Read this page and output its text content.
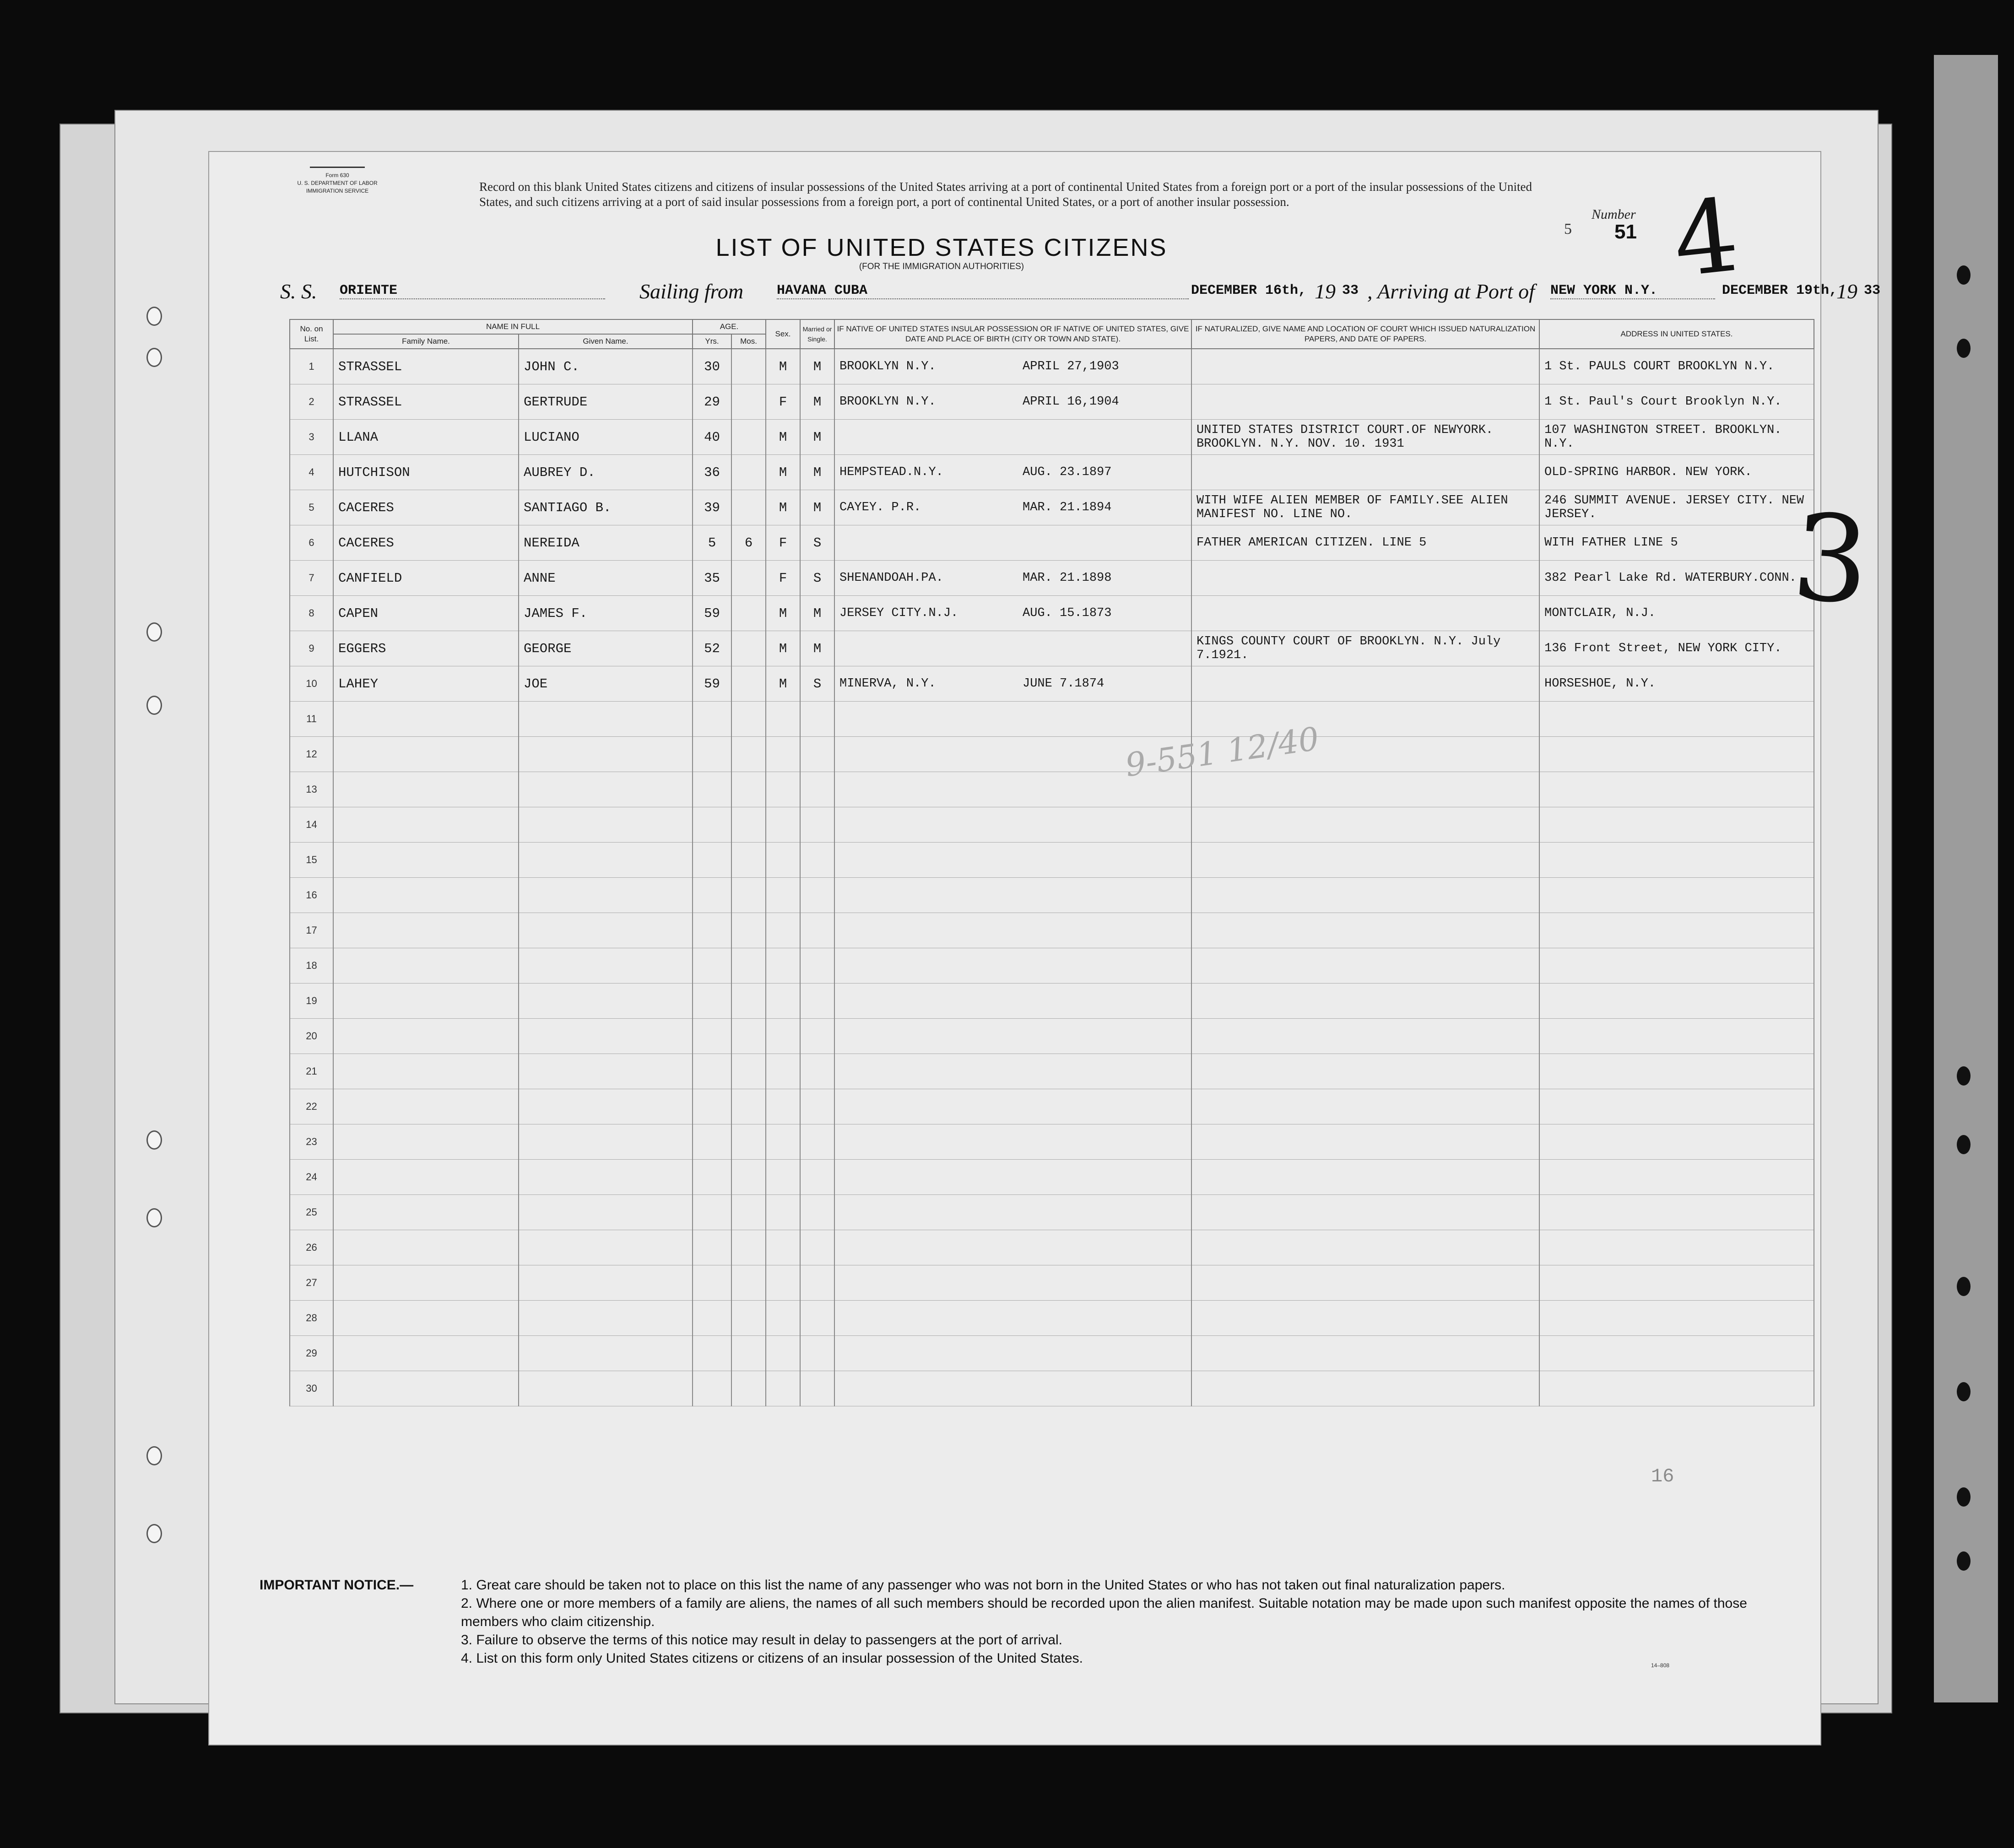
Form 630
U. S. DEPARTMENT OF LABOR
IMMIGRATION SERVICE	Record on this blank United States citizens and citizens of insular possessions of the United States arriving at a port of continental United States from a foreign port or a port of the insular possessions of the United States, and such citizens arriving at a port of said insular possessions from a foreign port, a port of continental United States, or a port of another insular possession.
LIST OF UNITED STATES CITIZENS
(FOR THE IMMIGRATION AUTHORITIES)
Number
5 51 4
S. S. ORIENTE	Sailing from HAVANA CUBA	DECEMBER 16th, 19 33 , Arriving at Port of NEW YORK N.Y.	DECEMBER 19th,
19 33
No. on List.	NAME IN FULL		AGE.		Sex.	Married or Single.	IF NATIVE OF UNITED STATES INSULAR POSSESSION OR IF NATIVE OF UNITED STATES, GIVE DATE AND PLACE OF BIRTH (CITY OR TOWN AND STATE).	IF NATURALIZED, GIVE NAME AND LOCATION OF COURT WHICH ISSUED NATURALIZATION PAPERS, AND DATE OF PAPERS.	ADDRESS IN UNITED STATES.
	Family Name.	Given Name.	Yrs.	Mos.					
1	STRASSEL	JOHN C.	30		M	M	BROOKLYN N.Y. APRIL 27,1903		1 St. PAULS COURT BROOKLYN N.Y.
2	STRASSEL	GERTRUDE	29		F	M	BROOKLYN N.Y. APRIL 16,1904		1 St. Paul's Court Brooklyn N.Y.
3	LLANA	LUCIANO	40		M	M		UNITED STATES DISTRICT COURT.OF NEWYORK. BROOKLYN. N.Y. NOV. 10. 1931	107 WASHINGTON STREET. BROOKLYN. N.Y.
4	HUTCHISON	AUBREY D.	36		M	M	HEMPSTEAD.N.Y. AUG. 23.1897		OLD-SPRING HARBOR. NEW YORK.
5	CACERES	SANTIAGO B.	39		M	M	CAYEY. P.R. MAR. 21.1894	WITH WIFE ALIEN MEMBER OF FAMILY.SEE ALIEN MANIFEST NO. LINE NO.	246 SUMMIT AVENUE. JERSEY CITY. NEW JERSEY.
6	CACERES	NEREIDA	5	6	F	S		FATHER AMERICAN CITIZEN. LINE 5	WITH FATHER LINE 5
7	CANFIELD	ANNE	35		F	S	SHENANDOAH.PA. MAR. 21.1898		382 Pearl Lake Rd. WATERBURY.CONN.
8	CAPEN	JAMES F.	59		M	M	JERSEY CITY.N.J. AUG. 15.1873		MONTCLAIR, N.J.
9	EGGERS	GEORGE	52		M	M		KINGS COUNTY COURT OF BROOKLYN. N.Y. July 7.1921.	136 Front Street, NEW YORK CITY.
10	LAHEY	JOE	59		M	S	MINERVA, N.Y. JUNE 7.1874		HORSESHOE, N.Y.
11									
12									
13									
14									
15									
16									
17									
18									
19									
20									
21									
22									
23									
24									
25									
26									
27									
28									
29									
30									
9-551 12/40
3
16
IMPORTANT NOTICE.—	1. Great care should be taken not to place on this list the name of any passenger who was not born in the United States or who has not taken out final naturalization papers.
2. Where one or more members of a family are aliens, the names of all such members should be recorded upon the alien manifest. Suitable notation may be made upon such manifest opposite the names of those members who claim citizenship.
3. Failure to observe the terms of this notice may result in delay to passengers at the port of arrival.
4. List on this form only United States citizens or citizens of an insular possession of the United States.	14–808
